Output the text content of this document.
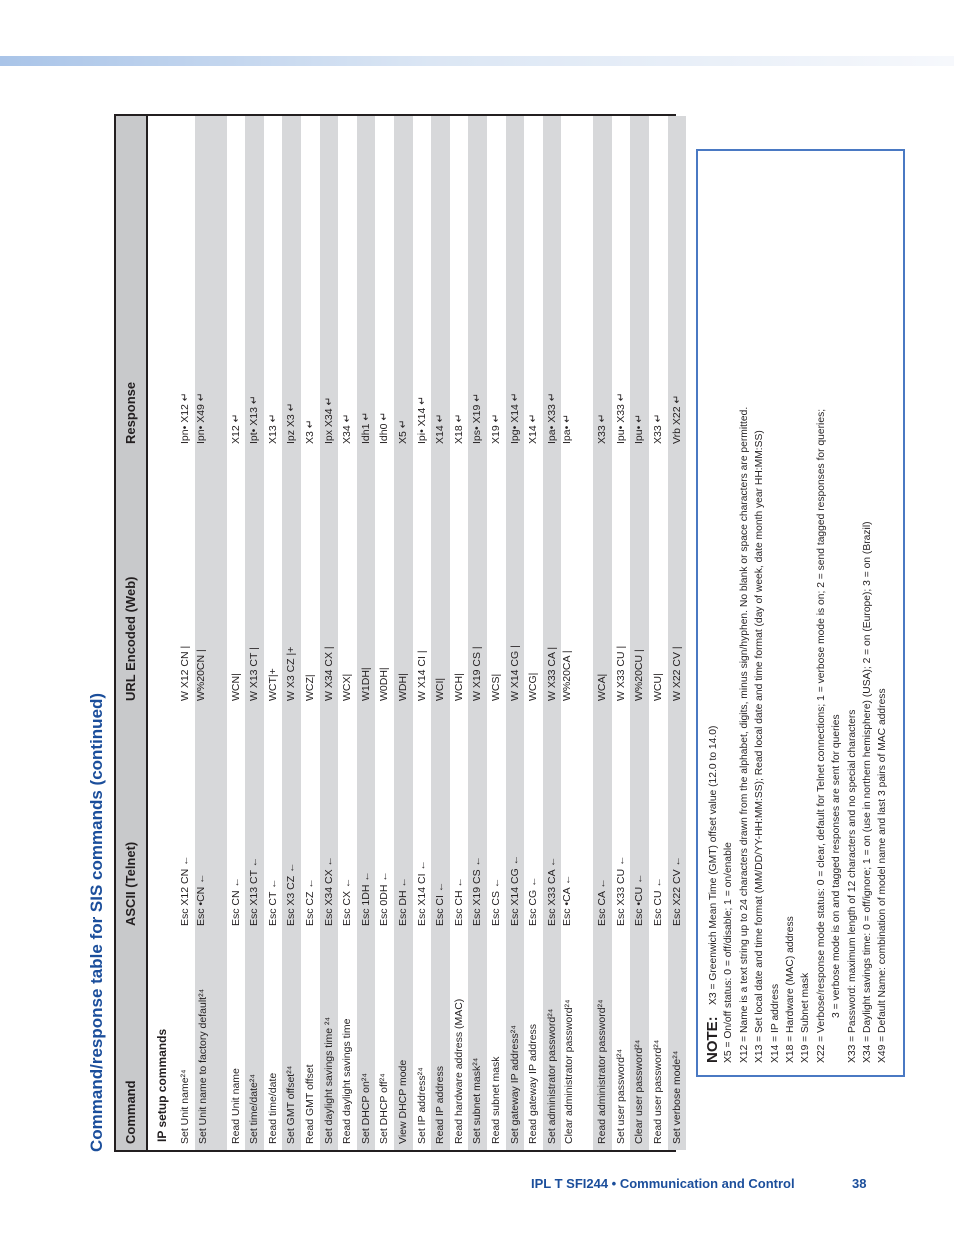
Command/response table for SIS commands (continued)	Command
ASCII (Telnet)
URL Encoded (Web)
Response
IP setup commands Set Unit name²⁴
Esc X12 CN ←
W X12 CN |
Ipn• X12 ↵
Set Unit name to factory default²⁴
Esc •CN ←
W%20CN |
Ipn• X49 ↵
Read Unit name
Esc CN ←
WCN|
X12 ↵
Set time/date²⁴
Esc X13 CT ←
W X13 CT |
Ipt• X13 ↵
Read time/date
Esc CT ←
WCT|+
X13 ↵
Set GMT offset²⁴
Esc X3 CZ ←
W X3 CZ |+
Ipz X3 ↵
Read GMT offset
Esc CZ ←
WCZ|
X3 ↵
Set daylight savings time ²⁴
Esc X34 CX ←
W X34 CX |
Ipx X34 ↵
Read daylight savings time
Esc CX ←
WCX|
X34 ↵
Set DHCP on²⁴
Esc 1DH ←
W1DH|
Idh1 ↵
Set DHCP off²⁴
Esc 0DH ←
W0DH|
Idh0 ↵
View DHCP mode
Esc DH ←
WDH|
X5 ↵
Set IP address²⁴
Esc X14 CI ←
W X14 CI |
Ipi• X14 ↵
Read IP address
Esc CI ←
WCI|
X14 ↵
Read hardware address (MAC)
Esc CH ←
WCH|
X18 ↵
Set subnet mask²⁴
Esc X19 CS ←
W X19 CS |
Ips• X19 ↵
Read subnet mask
Esc CS ←
WCS|
X19 ↵
Set gateway IP address²⁴
Esc X14 CG ←
W X14 CG |
Ipg• X14 ↵
Read gateway IP address
Esc CG ←
WCG|
X14 ↵
Set administrator password²⁴
Esc X33 CA ←
W X33 CA |
Ipa• X33 ↵
Clear administrator password²⁴
Esc •CA ←
W%20CA |
Ipa• ↵
Read administrator password²⁴
Esc CA ←
WCA|
X33 ↵
Set user password²⁴
Esc X33 CU ←
W X33 CU |
Ipu• X33 ↵
Clear user password²⁴
Esc •CU ←
W%20CU |
Ipu• ↵
Read user password²⁴
Esc CU ←
WCU|
X33 ↵
Set verbose mode²⁴
Esc X22 CV ←
W X22 CV |
Vrb X22 ↵
NOTE:
X3 = Greenwich Mean Time (GMT) offset value (12.0 to 14.0) X5 = On/off status: 0 = off/disable; 1 = on/enable X12 = Name is a text string up to 24 characters drawn from the alphabet, digits, minus sign/hyphen. No blank or space characters are permitted. X13 = Set local date and time format (MM/DD/YY-HH:MM:SS); Read local date and time format (day of week, date month year HH:MM:SS) X14 = IP address X18 = Hardware (MAC) address X19 = Subnet mask X22 = Verbose/response mode status: 0 = clear, default for Telnet connections; 1 = verbose mode is on; 2 = send tagged responses for queries; 3 = verbose mode is on and tagged responses are sent for queries X33 = Password: maximum length of 12 characters and no special characters X34 = Daylight savings time: 0 = off/ignore; 1 = on (use in northern hemisphere) (USA); 2 = on (Europe); 3 = on (Brazil) X49 = Default Name: combination of model name and last 3 pairs of MAC address
IPL T SFI244 • Communication and Control	38
